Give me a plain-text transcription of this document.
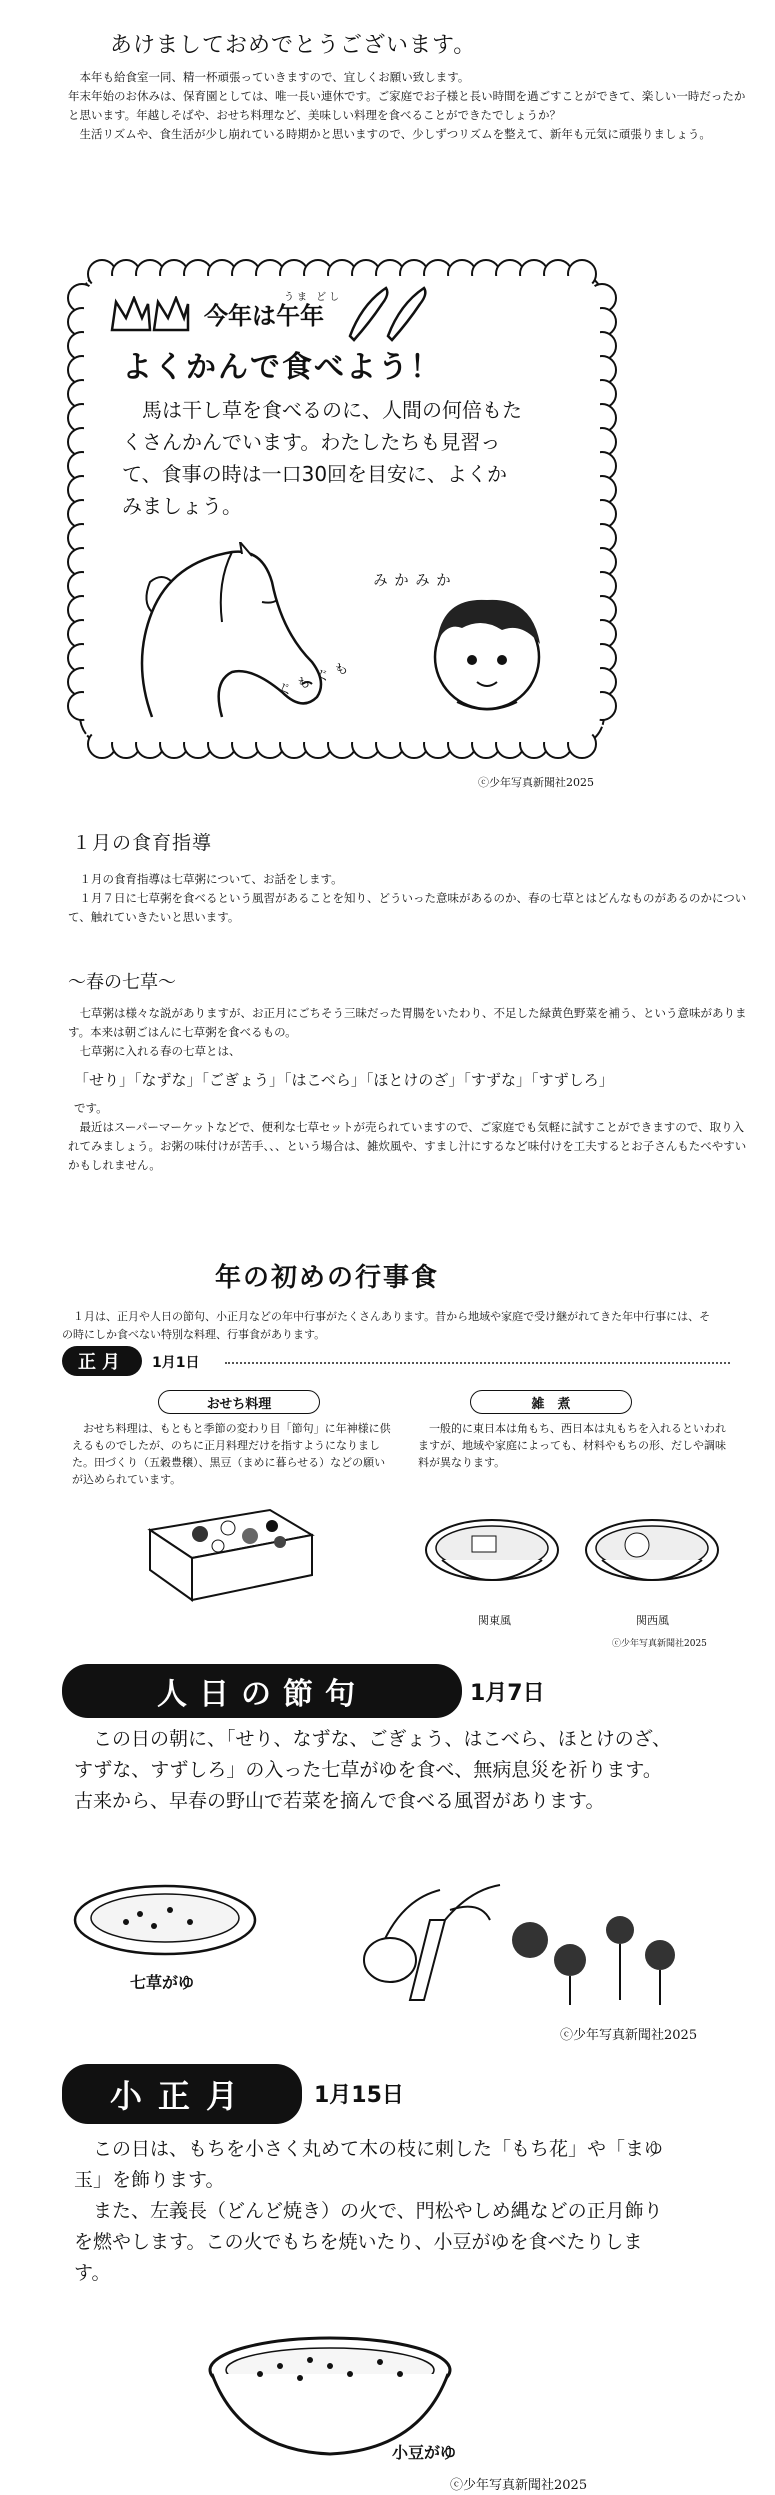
あけましておめでとうございます。

本年も給食室一同、精一杯頑張っていきますので、宜しくお願い致します。

年末年始のお休みは、保育園としては、唯一長い連休です。ご家庭でお子様と長い時間を過ごすことができて、楽しい一時だったかと思います。年越しそばや、おせち料理など、美味しい料理を食べることができたでしょうか？

生活リズムや、食生活が少し崩れている時期かと思いますので、少しずつリズムを整えて、新年も元気に頑張りましょう。

今年は
うま どし
午年
よくかんで食べよう！
馬は干し草を食べるのに、人間の何倍もたくさんかんでいます。わたしたちも見習って、食事の時は一口30回を目安に、よくかみましょう。
もぐもぐ
かみかみ
ⓒ少年写真新聞社2025
１月の食育指導

１月の食育指導は七草粥について、お話をします。

１月７日に七草粥を食べるという風習があることを知り、どういった意味があるのか、春の七草とはどんなものがあるのかについて、触れていきたいと思います。

～春の七草～

七草粥は様々な説がありますが、お正月にごちそう三昧だった胃腸をいたわり、不足した緑黄色野菜を補う、という意味があります。本来は朝ごはんに七草粥を食べるもの。

七草粥に入れる春の七草とは、

「せり」「なずな」「ごぎょう」「はこべら」「ほとけのざ」「すずな」「すずしろ」

です。

最近はスーパーマーケットなどで、便利な七草セットが売られていますので、ご家庭でも気軽に試すことができますので、取り入れてみましょう。お粥の味付けが苦手、、、という場合は、雑炊風や、すまし汁にするなど味付けを工夫するとお子さんもたべやすいかもしれません。

年の初めの行事食
１月は、正月や人日の節句、小正月などの年中行事がたくさんあります。昔から地域や家庭で受け継がれてきた年中行事には、その時にしか食べない特別な料理、行事食があります。
正月	1月1日
おせち料理
おせち料理は、もともと季節の変わり目「節句」に年神様に供えるものでしたが、のちに正月料理だけを指すようになりました。田づくり（五穀豊穣）、黒豆（まめに暮らせる）などの願いが込められています。
雑　煮
一般的に東日本は角もち、西日本は丸もちを入れるといわれますが、地域や家庭によっても、材料やもちの形、だしや調味料が異なります。
関東風	関西風
ⓒ少年写真新聞社2025
人日の節句	1月7日
この日の朝に、「せり、なずな、ごぎょう、はこべら、ほとけのざ、すずな、すずしろ」の入った七草がゆを食べ、無病息災を祈ります。古来から、早春の野山で若菜を摘んで食べる風習があります。
七草がゆ
ⓒ少年写真新聞社2025
小正月	1月15日
この日は、もちを小さく丸めて木の枝に刺した「もち花」や「まゆ玉」を飾ります。
また、左義長（どんど焼き）の火で、門松やしめ縄などの正月飾りを燃やします。この火でもちを焼いたり、小豆がゆを食べたりします。
小豆がゆ
ⓒ少年写真新聞社2025
